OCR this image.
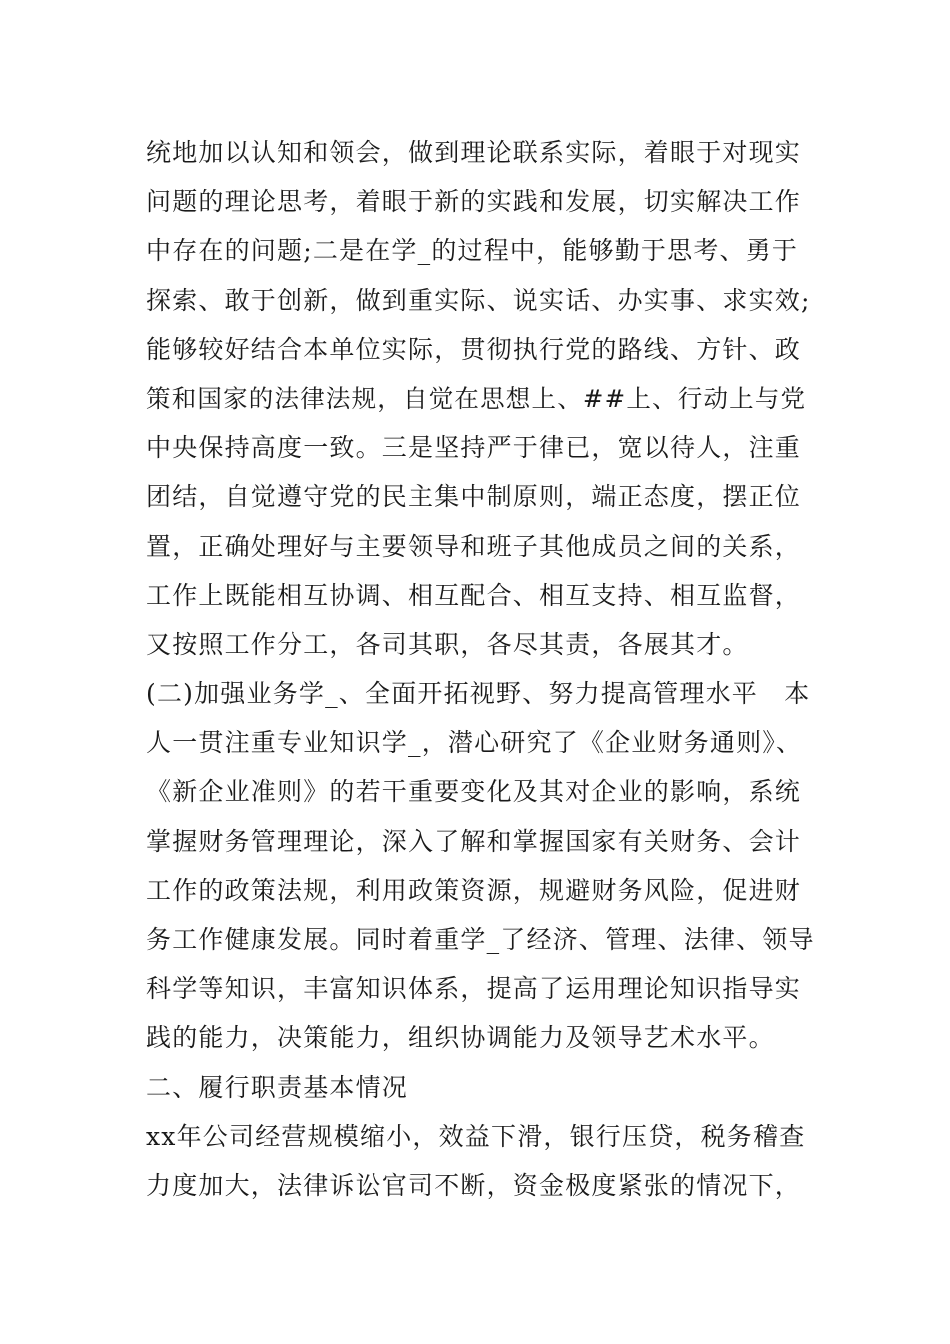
统地加以认知和领会，做到理论联系实际，着眼于对现实
问题的理论思考，着眼于新的实践和发展，切实解决工作
中存在的问题;二是在学_的过程中，能够勤于思考、勇于
探索、敢于创新，做到重实际、说实话、办实事、求实效;
能够较好结合本单位实际，贯彻执行党的路线、方针、政
策和国家的法律法规，自觉在思想上、##上、行动上与党
中央保持高度一致。三是坚持严于律已，宽以待人，注重
团结，自觉遵守党的民主集中制原则，端正态度，摆正位
置，正确处理好与主要领导和班子其他成员之间的关系，
工作上既能相互协调、相互配合、相互支持、相互监督，
又按照工作分工，各司其职，各尽其责，各展其才。
(二)加强业务学_、全面开拓视野、努力提高管理水平　本
人一贯注重专业知识学_，潜心研究了《企业财务通则》、
《新企业准则》的若干重要变化及其对企业的影响，系统
掌握财务管理理论，深入了解和掌握国家有关财务、会计
工作的政策法规，利用政策资源，规避财务风险，促进财
务工作健康发展。同时着重学_了经济、管理、法律、领导
科学等知识，丰富知识体系，提高了运用理论知识指导实
践的能力，决策能力，组织协调能力及领导艺术水平。
二、履行职责基本情况
xx年公司经营规模缩小，效益下滑，银行压贷，税务稽查
力度加大，法律诉讼官司不断，资金极度紧张的情况下，
